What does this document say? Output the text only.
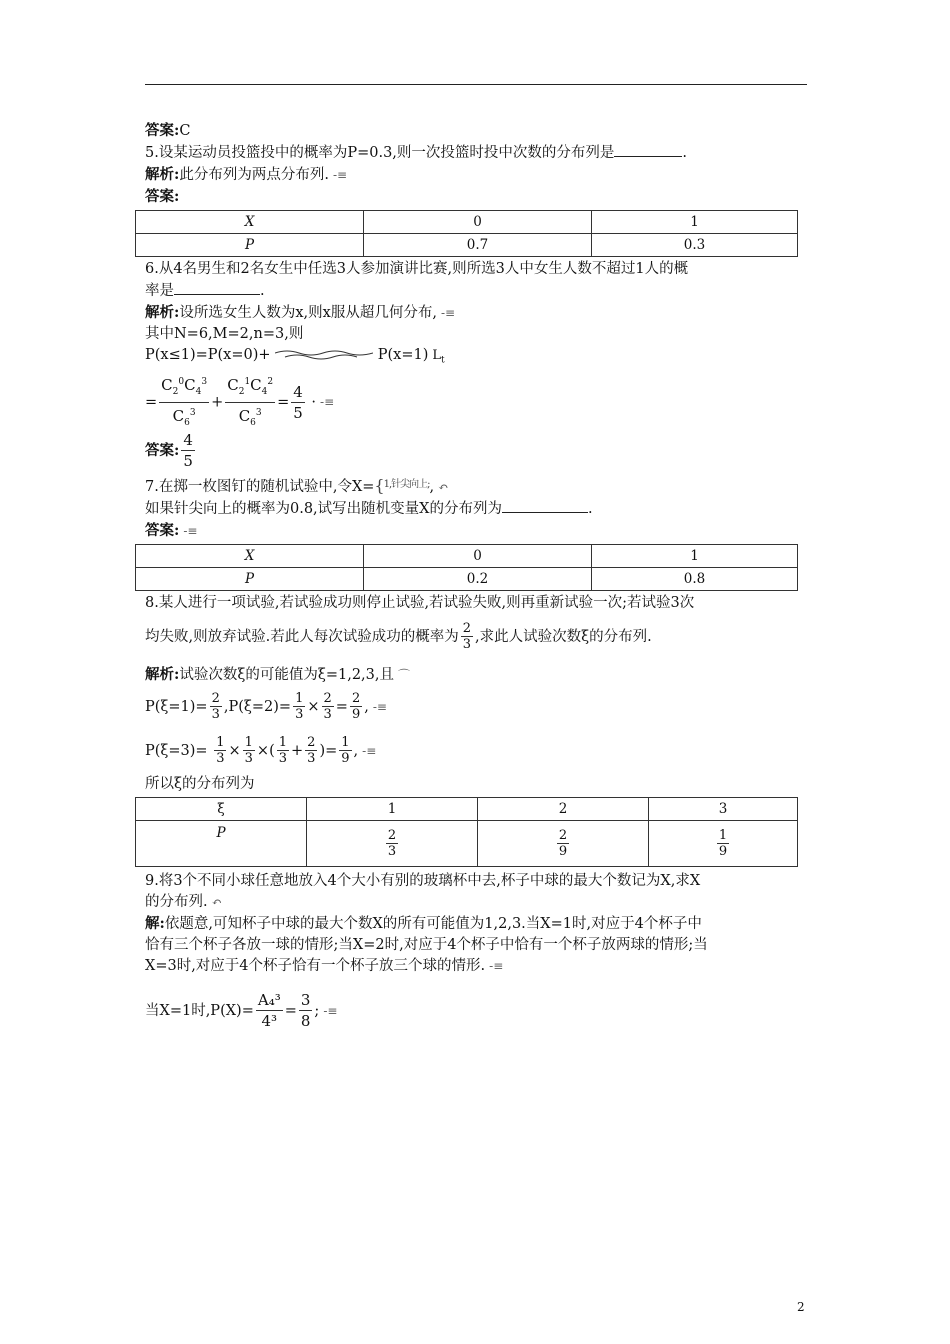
答案:C
5.设某运动员投篮投中的概率为P=0.3,则一次投篮时投中次数的分布列是	.
解析:此分布列为两点分布列. -≡
答案:
X	0	1
P	0.7	0.3
6.从4名男生和2名女生中任选3人参加演讲比赛,则所选3人中女生人数不超过1人的概
率是	.
解析:设所选女生人数为x,则x服从超几何分布, -≡
其中N=6,M=2,n=3,则
P(x≤1)=P(x=0)+	P(x=1) $L_t$
= $\frac{C_2^0C_4^3}{C_6^3} + \frac{C_2^1C_4^2}{C_6^3} = \frac{4}{5}$ · -≡
答案: $\frac{4}{5}$
7.在掷一枚图钉的随机试验中,令X={$^{1,针尖向上;}$, ↶
如果针尖向上的概率为0.8,试写出随机变量X的分布列为	.
答案: -≡
X	0	1
P	0.2	0.8
8.某人进行一项试验,若试验成功则停止试验,若试验失败,则再重新试验一次;若试验3次
均失败,则放弃试验.若此人每次试验成功的概率为 $\frac{2}{3}$ ,求此人试验次数ξ的分布列.
解析:试验次数ξ的可能值为ξ=1,2,3,且 ⌒
$P(\xi=1)= \frac{2}{3} ,P(\xi=2)= \frac{1}{3} \times \frac{2}{3} = \frac{2}{9}$ , -≡
$P(\xi=3)= \frac{1}{3} \times \frac{1}{3}$ ×( $\frac{1}{3} + \frac{2}{3}$ )= $\frac{1}{9}$ , -≡
所以ξ的分布列为
ξ	1	2	3
P	$\frac{2}{3}$	$\frac{2}{9}$	$\frac{1}{9}$
9.将3个不同小球任意地放入4个大小有别的玻璃杯中去,杯子中球的最大个数记为X,求X
的分布列. ↶
解:依题意,可知杯子中球的最大个数X的所有可能值为1,2,3.当X=1时,对应于4个杯子中
恰有三个杯子各放一球的情形;当X=2时,对应于4个杯子中恰有一个杯子放两球的情形;当
X=3时,对应于4个杯子恰有一个杯子放三个球的情形. -≡
当X=1时$,P(X)= \frac{\text{A₄³}}{\text{4³}} = \frac{3}{8}$ ; -≡
2
